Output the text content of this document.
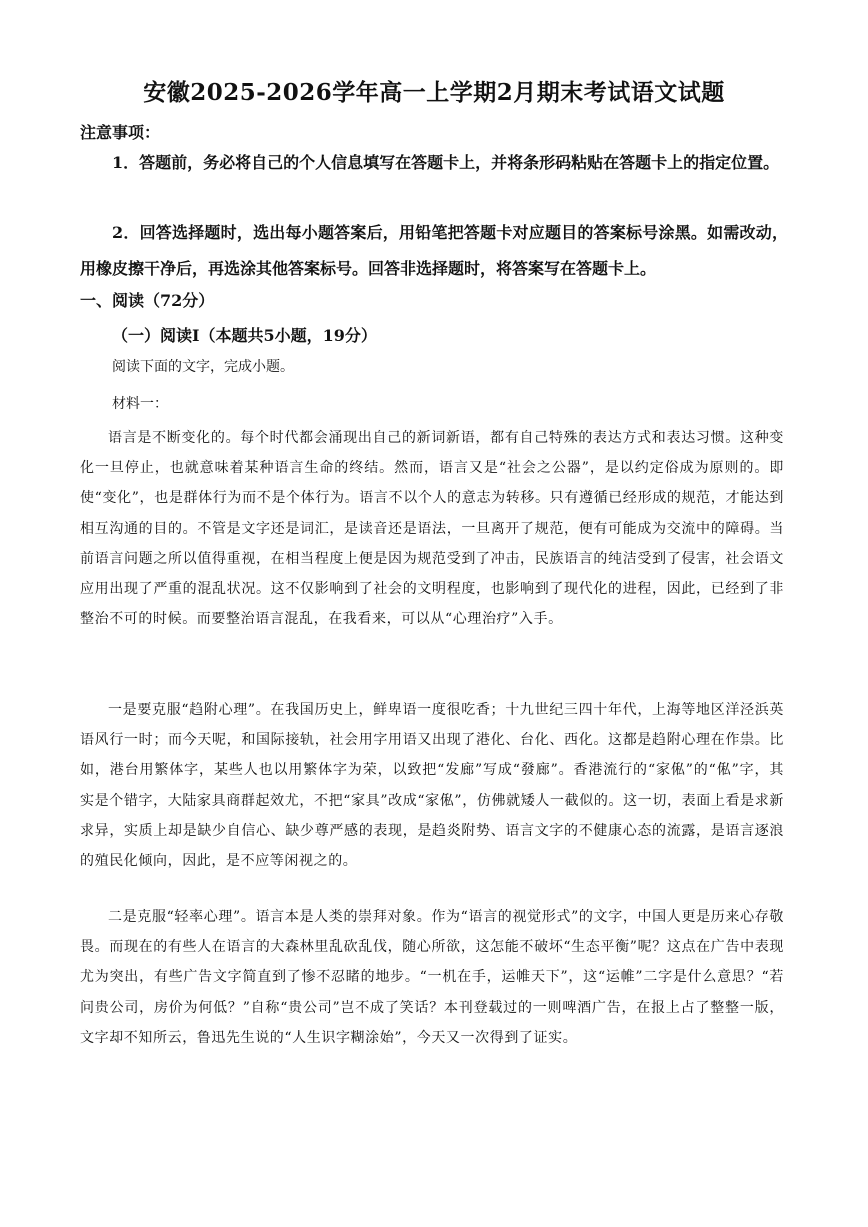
安徽2025-2026学年高一上学期2月期末考试语文试题
注意事项：
1．答题前，务必将自己的个人信息填写在答题卡上，并将条形码粘贴在答题卡上的指定位置。
2．回答选择题时，选出每小题答案后，用铅笔把答题卡对应题目的答案标号涂黑。如需改动，用橡皮擦干净后，再选涂其他答案标号。回答非选择题时，将答案写在答题卡上。
一、阅读（72分）
（一）阅读Ⅰ（本题共5小题，19分）
阅读下面的文字，完成小题。
材料一：
语言是不断变化的。每个时代都会涌现出自己的新词新语，都有自己特殊的表达方式和表达习惯。这种变化一旦停止，也就意味着某种语言生命的终结。然而，语言又是“社会之公器”，是以约定俗成为原则的。即使“变化”，也是群体行为而不是个体行为。语言不以个人的意志为转移。只有遵循已经形成的规范，才能达到相互沟通的目的。不管是文字还是词汇，是读音还是语法，一旦离开了规范，便有可能成为交流中的障碍。当前语言问题之所以值得重视，在相当程度上便是因为规范受到了冲击，民族语言的纯洁受到了侵害，社会语文应用出现了严重的混乱状况。这不仅影响到了社会的文明程度，也影响到了现代化的进程，因此，已经到了非整治不可的时候。而要整治语言混乱，在我看来，可以从“心理治疗”入手。
一是要克服“趋附心理”。在我国历史上，鲜卑语一度很吃香；十九世纪三四十年代，上海等地区洋泾浜英语风行一时；而今天呢，和国际接轨，社会用字用语又出现了港化、台化、西化。这都是趋附心理在作祟。比如，港台用繁体字，某些人也以用繁体字为荣，以致把“发廊”写成“發廊”。香港流行的“家俬”的“俬”字，其实是个错字，大陆家具商群起效尤，不把“家具”改成“家俬”，仿佛就矮人一截似的。这一切，表面上看是求新求异，实质上却是缺少自信心、缺少尊严感的表现，是趋炎附势、语言文字的不健康心态的流露，是语言逐浪的殖民化倾向，因此，是不应等闲视之的。
二是克服“轻率心理”。语言本是人类的崇拜对象。作为“语言的视觉形式”的文字，中国人更是历来心存敬畏。而现在的有些人在语言的大森林里乱砍乱伐，随心所欲，这怎能不破坏“生态平衡”呢？这点在广告中表现尤为突出，有些广告文字简直到了惨不忍睹的地步。“一机在手，运帷天下”，这“运帷”二字是什么意思？“若问贵公司，房价为何低？”自称“贵公司”岂不成了笑话？本刊登载过的一则啤酒广告，在报上占了整整一版，文字却不知所云，鲁迅先生说的“人生识字糊涂始”，今天又一次得到了证实。
